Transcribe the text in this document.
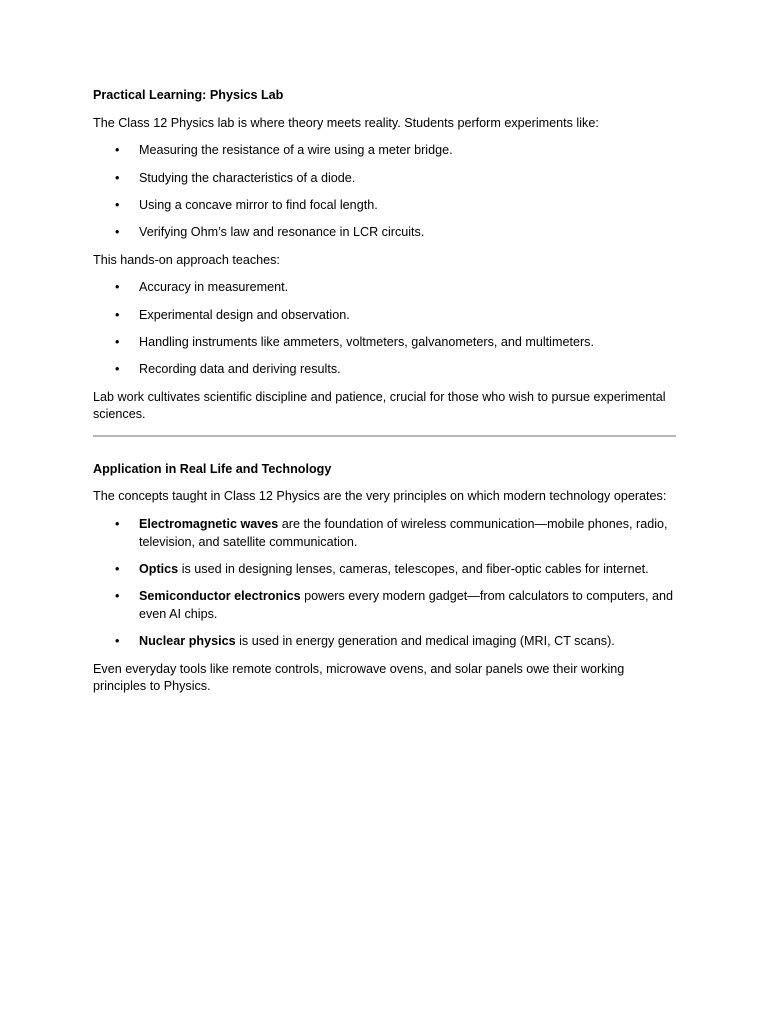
Practical Learning: Physics Lab

The Class 12 Physics lab is where theory meets reality. Students perform experiments like:

• Measuring the resistance of a wire using a meter bridge.
• Studying the characteristics of a diode.
• Using a concave mirror to find focal length.
• Verifying Ohm’s law and resonance in LCR circuits.

This hands-on approach teaches:

• Accuracy in measurement.
• Experimental design and observation.
• Handling instruments like ammeters, voltmeters, galvanometers, and multimeters.
• Recording data and deriving results.

Lab work cultivates scientific discipline and patience, crucial for those who wish to pursue experimental sciences.

Application in Real Life and Technology

The concepts taught in Class 12 Physics are the very principles on which modern technology operates:

• Electromagnetic waves are the foundation of wireless communication—mobile phones, radio, television, and satellite communication.
• Optics is used in designing lenses, cameras, telescopes, and fiber-optic cables for internet.
• Semiconductor electronics powers every modern gadget—from calculators to computers, and even AI chips.
• Nuclear physics is used in energy generation and medical imaging (MRI, CT scans).

Even everyday tools like remote controls, microwave ovens, and solar panels owe their working principles to Physics.
